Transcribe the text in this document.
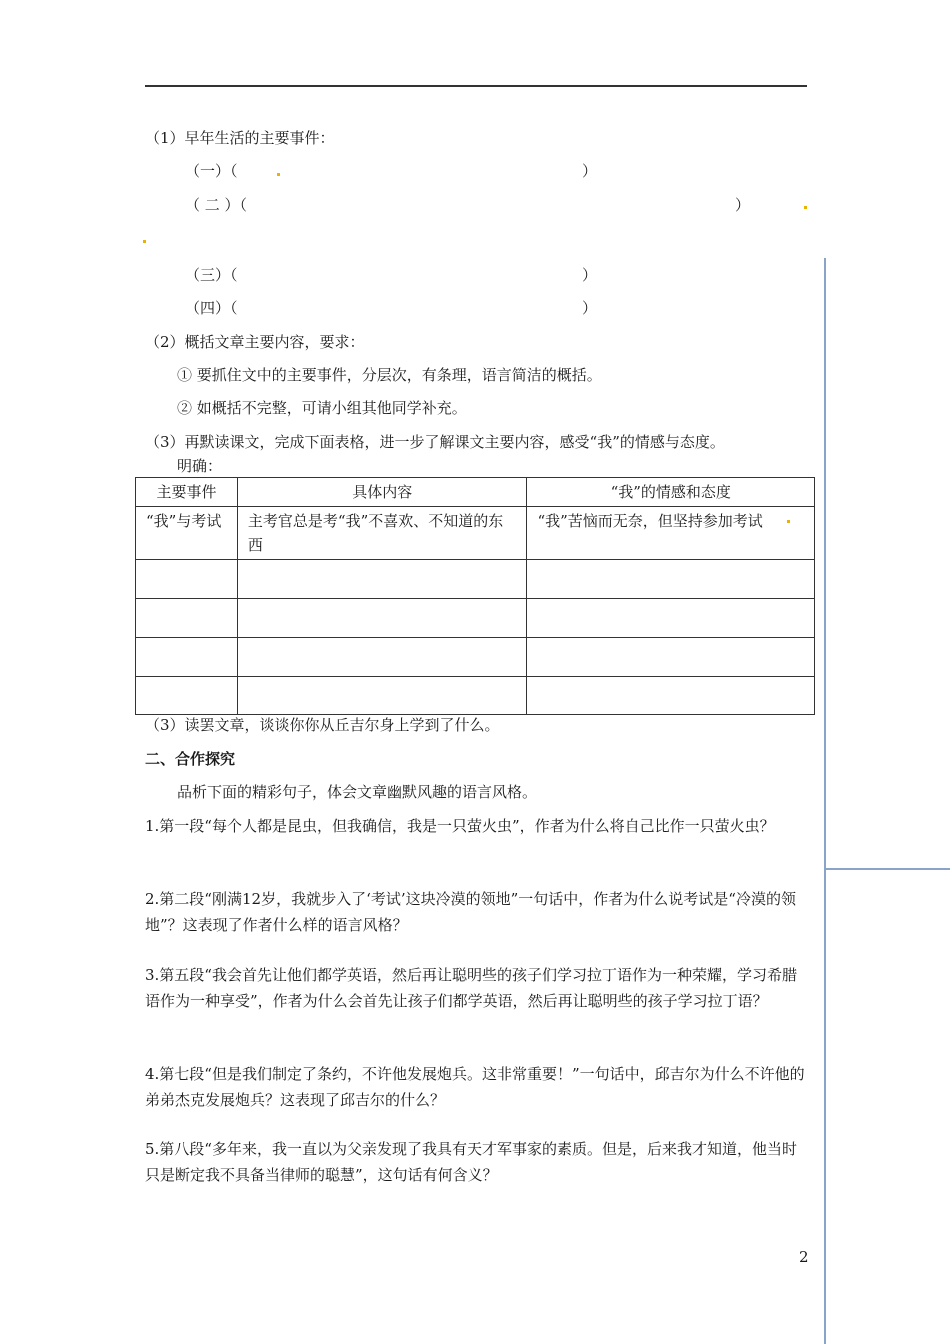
（1）早年生活的主要事件：
（一）（	）
（ 二 ）（	）
（三）（	）
（四）（	）
（2）概括文章主要内容，要求：
① 要抓住文中的主要事件，分层次，有条理，语言简洁的概括。
② 如概括不完整，可请小组其他同学补充。
（3）再默读课文，完成下面表格，进一步了解课文主要内容，感受“我”的情感与态度。
明确：
主要事件	具体内容	“我”的情感和态度
“我”与考试	主考官总是考“我”不喜欢、不知道的东西	“我”苦恼而无奈，但坚持参加考试

（3）读罢文章，谈谈你你从丘吉尔身上学到了什么。
二、合作探究
品析下面的精彩句子，体会文章幽默风趣的语言风格。
1.第一段“每个人都是昆虫，但我确信，我是一只萤火虫”，作者为什么将自己比作一只萤火虫？
2.第二段“刚满12岁，我就步入了‘考试’这块冷漠的领地”一句话中，作者为什么说考试是“冷漠的领地”？这表现了作者什么样的语言风格？
3.第五段“我会首先让他们都学英语，然后再让聪明些的孩子们学习拉丁语作为一种荣耀，学习希腊语作为一种享受”，作者为什么会首先让孩子们都学英语，然后再让聪明些的孩子学习拉丁语？
4.第七段“但是我们制定了条约，不许他发展炮兵。这非常重要！”一句话中，邱吉尔为什么不许他的弟弟杰克发展炮兵？这表现了邱吉尔的什么？
5.第八段“多年来，我一直以为父亲发现了我具有天才军事家的素质。但是，后来我才知道，他当时只是断定我不具备当律师的聪慧”，这句话有何含义？
2
